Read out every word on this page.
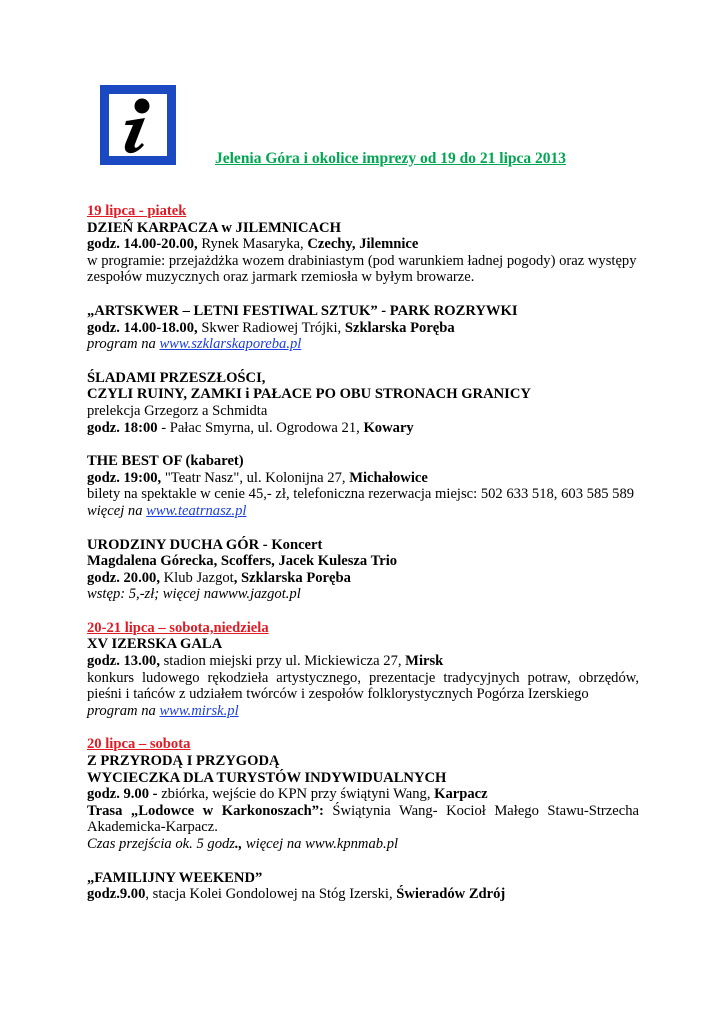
Jelenia Góra i okolice imprezy od 19 do 21 lipca 2013
19 lipca - piatek
DZIEŃ KARPACZA w JILEMNICACH
godz. 14.00-20.00, Rynek Masaryka, Czechy, Jilemnice
w programie: przejażdżka wozem drabiniastym (pod warunkiem ładnej pogody) oraz występy zespołów muzycznych oraz jarmark rzemiosła w byłym browarze.
„ARTSKWER – LETNI FESTIWAL SZTUK” - PARK ROZRYWKI
godz. 14.00-18.00, Skwer Radiowej Trójki, Szklarska Poręba
program na www.szklarskaporeba.pl
ŚLADAMI PRZESZŁOŚCI,
CZYLI RUINY, ZAMKI i PAŁACE PO OBU STRONACH GRANICY
prelekcja Grzegorz a Schmidta
godz. 18:00 - Pałac Smyrna, ul. Ogrodowa 21, Kowary
THE BEST OF (kabaret)
godz. 19:00, "Teatr Nasz", ul. Kolonijna 27, Michałowice
bilety na spektakle w cenie 45,- zł, telefoniczna rezerwacja miejsc: 502 633 518, 603 585 589
więcej na www.teatrnasz.pl
URODZINY DUCHA GÓR - Koncert
Magdalena Górecka, Scoffers, Jacek Kulesza Trio
godz. 20.00, Klub Jazgot, Szklarska Poręba
wstęp: 5,-zł; więcej nawww.jazgot.pl
20-21 lipca – sobota,niedziela
XV IZERSKA GALA
godz. 13.00, stadion miejski przy ul. Mickiewicza 27, Mirsk
konkurs ludowego rękodzieła artystycznego, prezentacje tradycyjnych potraw, obrzędów, pieśni i tańców z udziałem twórców i zespołów folklorystycznych Pogórza Izerskiego
program na www.mirsk.pl
20 lipca – sobota
Z PRZYRODĄ I PRZYGODĄ
WYCIECZKA DLA TURYSTÓW INDYWIDUALNYCH
godz. 9.00 - zbiórka, wejście do KPN przy świątyni Wang, Karpacz
Trasa „Lodowce w Karkonoszach”: Świątynia Wang- Kocioł Małego Stawu-Strzecha Akademicka-Karpacz.
Czas przejścia ok. 5 godz., więcej na www.kpnmab.pl
„FAMILIJNY WEEKEND”
godz.9.00, stacja Kolei Gondolowej na Stóg Izerski, Świeradów Zdrój
